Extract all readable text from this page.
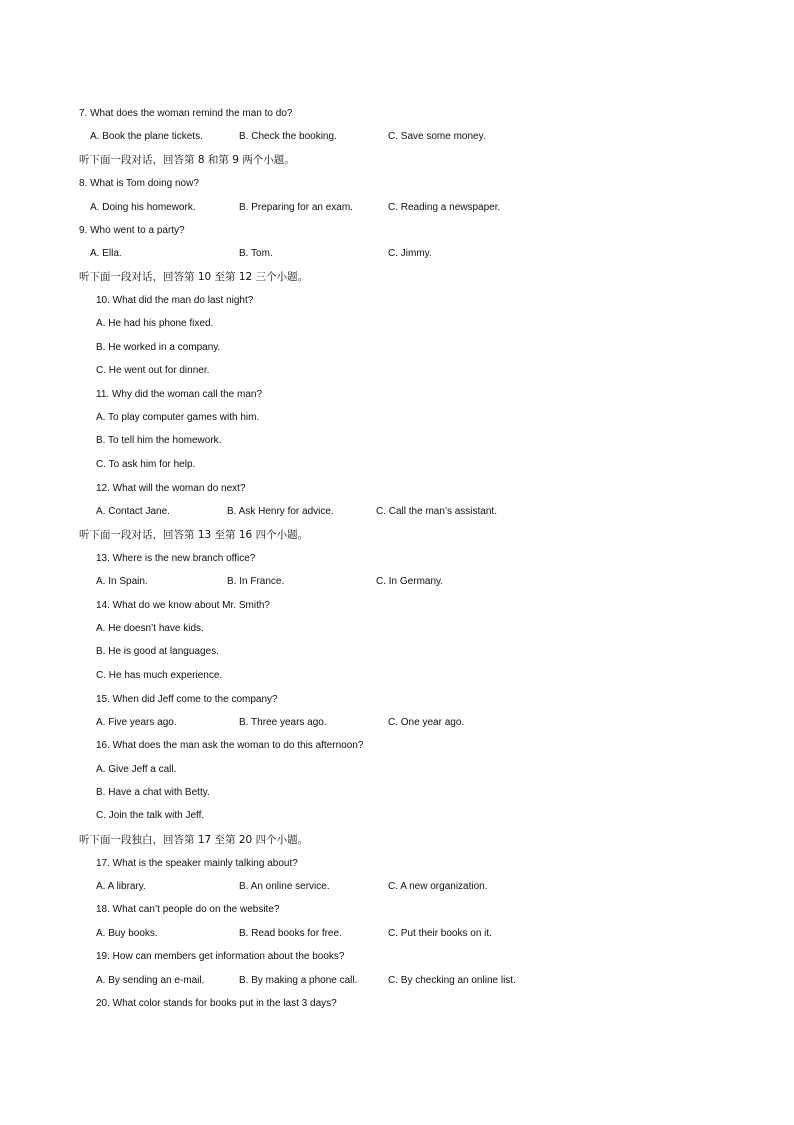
7. What does the woman remind the man to do?
A. Book the plane tickets.	B. Check the booking.	C. Save some money.
听下面一段对话，回答第 8 和第 9 两个小题。
8. What is Tom doing now?
A. Doing his homework.	B. Preparing for an exam.	C. Reading a newspaper.
9. Who went to a party?
A. Ella.	B. Tom.	C. Jimmy.
听下面一段对话，回答第 10 至第 12 三个小题。
10. What did the man do last night?
A. He had his phone fixed.
B. He worked in a company.
C. He went out for dinner.
11. Why did the woman call the man?
A. To play computer games with him.
B. To tell him the homework.
C. To ask him for help.
12. What will the woman do next?
A. Contact Jane.	B. Ask Henry for advice.	C. Call the man’s assistant.
听下面一段对话，回答第 13 至第 16 四个小题。
13. Where is the new branch office?
A. In Spain.	B. In France.	C. In Germany.
14. What do we know about Mr. Smith?
A. He doesn’t have kids.
B. He is good at languages.
C. He has much experience.
15. When did Jeff come to the company?
A. Five years ago.	B. Three years ago.	C. One year ago.
16. What does the man ask the woman to do this afternoon?
A. Give Jeff a call.
B. Have a chat with Betty.
C. Join the talk with Jeff.
听下面一段独白，回答第 17 至第 20 四个小题。
17. What is the speaker mainly talking about?
A. A library.	B. An online service.	C. A new organization.
18. What can’t people do on the website?
A. Buy books.	B. Read books for free.	C. Put their books on it.
19. How can members get information about the books?
A. By sending an e-mail.	B. By making a phone call.	C. By checking an online list.
20. What color stands for books put in the last 3 days?
